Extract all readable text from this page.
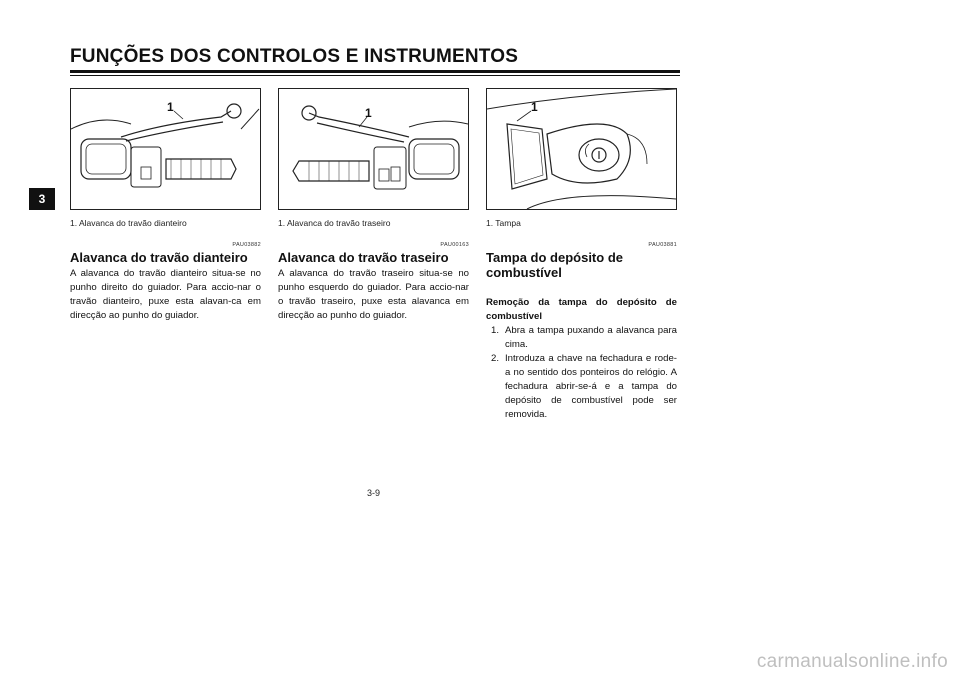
FUNÇÕES DOS CONTROLOS E INSTRUMENTOS
3
1
1. Alavanca do travão dianteiro
PAU03882
Alavanca do travão dianteiro
A alavanca do travão dianteiro situa-se no punho direito do guiador. Para accio-nar o travão dianteiro, puxe esta alavan-ca em direcção ao punho do guiador.
1
1. Alavanca do travão traseiro
PAU00163
Alavanca do travão traseiro
A alavanca do travão traseiro situa-se no punho esquerdo do guiador. Para accio-nar o travão traseiro, puxe esta alavanca em direcção ao punho do guiador.
1
1. Tampa
PAU03881
Tampa do depósito de combustível
Remoção da tampa do depósito de combustível
1. Abra a tampa puxando a alavanca para cima.
2. Introduza a chave na fechadura e rode-a no sentido dos ponteiros do relógio. A fechadura abrir-se-á e a tampa do depósito de combustível pode ser removida.
3-9
carmanualsonline.info
